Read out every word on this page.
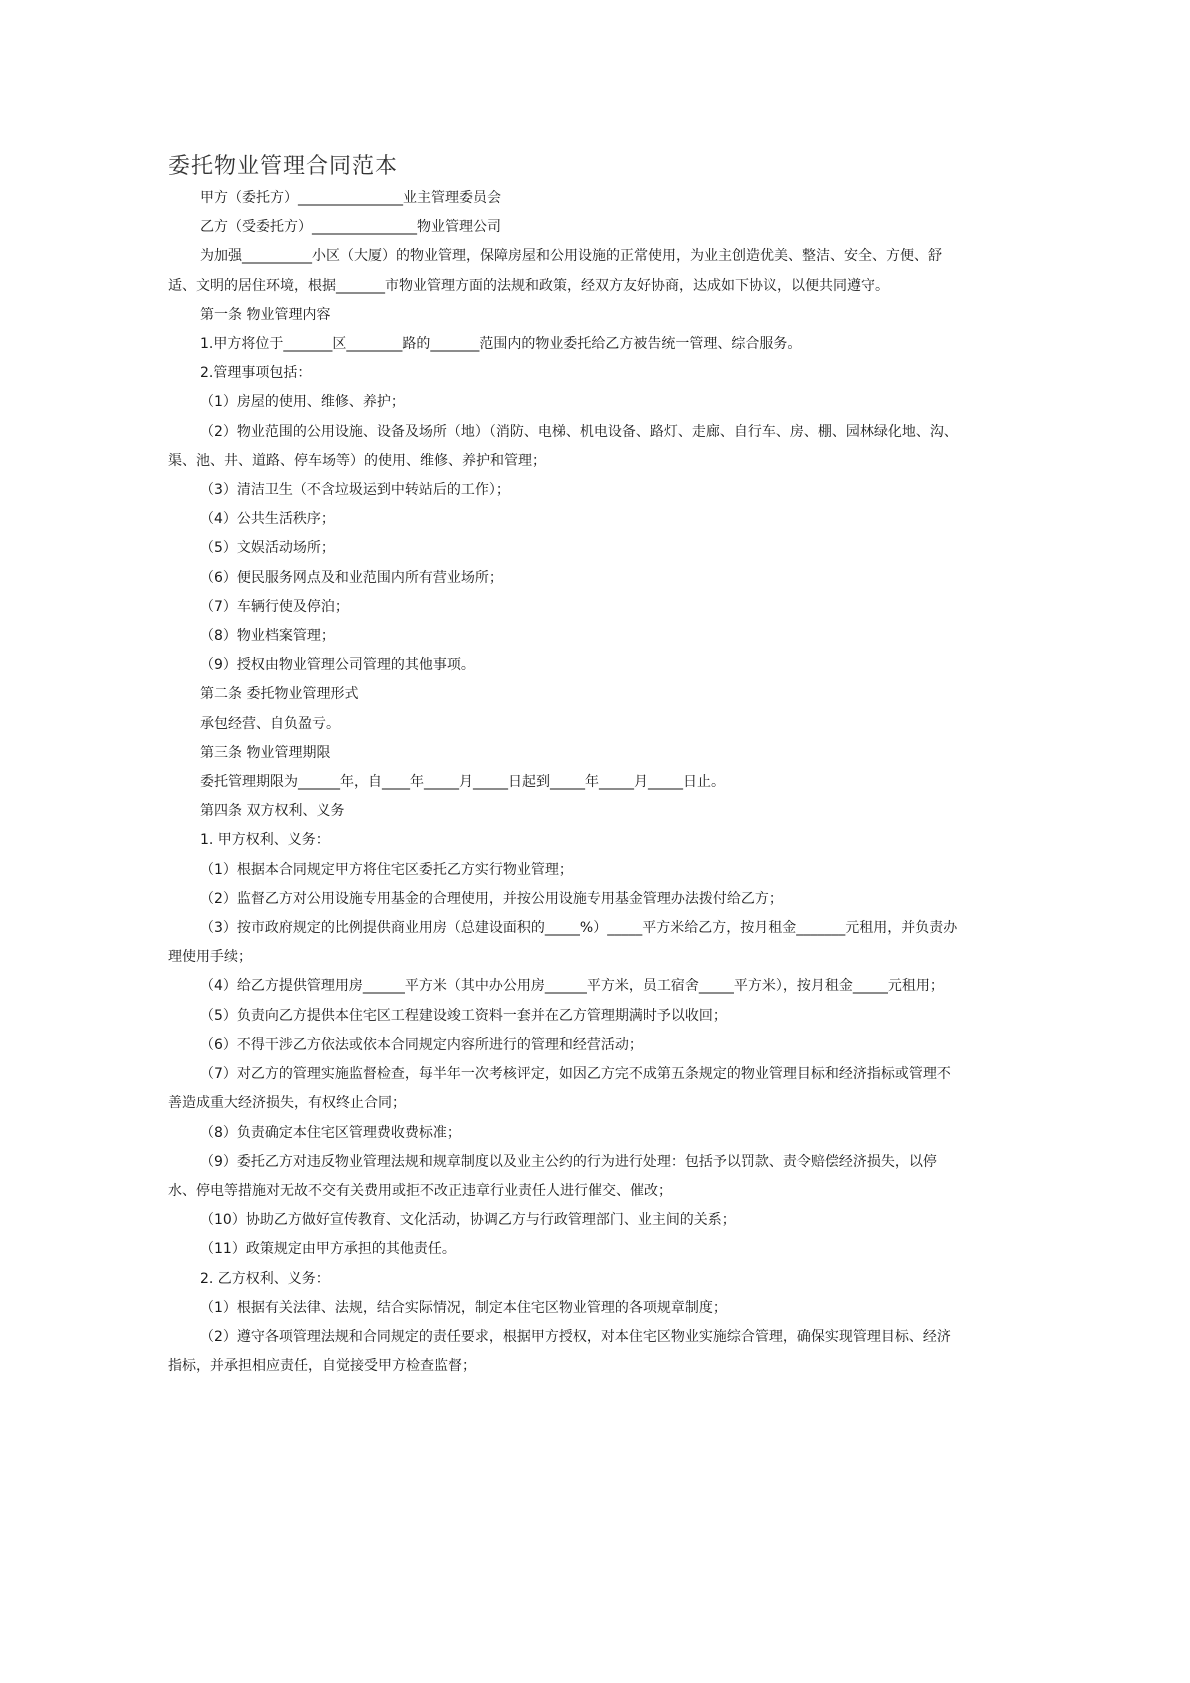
委托物业管理合同范本

甲方（委托方）_______________业主管理委员会

乙方（受委托方）_______________物业管理公司

为加强__________小区（大厦）的物业管理，保障房屋和公用设施的正常使用，为业主创造优美、整洁、安全、方便、舒适、文明的居住环境，根据_______市物业管理方面的法规和政策，经双方友好协商，达成如下协议，以便共同遵守。

第一条 物业管理内容

1.甲方将位于_______区________路的_______范围内的物业委托给乙方被告统一管理、综合服务。

2.管理事项包括：

（1）房屋的使用、维修、养护；

（2）物业范围的公用设施、设备及场所（地）（消防、电梯、机电设备、路灯、走廊、自行车、房、棚、园林绿化地、沟、渠、池、井、道路、停车场等）的使用、维修、养护和管理；

（3）清洁卫生（不含垃圾运到中转站后的工作）；

（4）公共生活秩序；

（5）文娱活动场所；

（6）便民服务网点及和业范围内所有营业场所；

（7）车辆行使及停泊；

（8）物业档案管理；

（9）授权由物业管理公司管理的其他事项。

第二条 委托物业管理形式

承包经营、自负盈亏。

第三条 物业管理期限

委托管理期限为______年，自____年_____月_____日起到_____年_____月_____日止。

第四条 双方权利、义务

1. 甲方权利、义务：

（1）根据本合同规定甲方将住宅区委托乙方实行物业管理；

（2）监督乙方对公用设施专用基金的合理使用，并按公用设施专用基金管理办法拨付给乙方；

（3）按市政府规定的比例提供商业用房（总建设面积的_____%）_____平方米给乙方，按月租金_______元租用，并负责办理使用手续；

（4）给乙方提供管理用房______平方米（其中办公用房______平方米，员工宿舍_____平方米），按月租金_____元租用；

（5）负责向乙方提供本住宅区工程建设竣工资料一套并在乙方管理期满时予以收回；

（6）不得干涉乙方依法或依本合同规定内容所进行的管理和经营活动；

（7）对乙方的管理实施监督检查，每半年一次考核评定，如因乙方完不成第五条规定的物业管理目标和经济指标或管理不善造成重大经济损失，有权终止合同；

（8）负责确定本住宅区管理费收费标准；

（9）委托乙方对违反物业管理法规和规章制度以及业主公约的行为进行处理：包括予以罚款、责令赔偿经济损失，以停水、停电等措施对无故不交有关费用或拒不改正违章行业责任人进行催交、催改；

（10）协助乙方做好宣传教育、文化活动，协调乙方与行政管理部门、业主间的关系；

（11）政策规定由甲方承担的其他责任。

2. 乙方权利、义务：

（1）根据有关法律、法规，结合实际情况，制定本住宅区物业管理的各项规章制度；

（2）遵守各项管理法规和合同规定的责任要求，根据甲方授权，对本住宅区物业实施综合管理，确保实现管理目标、经济指标，并承担相应责任，自觉接受甲方检查监督；
